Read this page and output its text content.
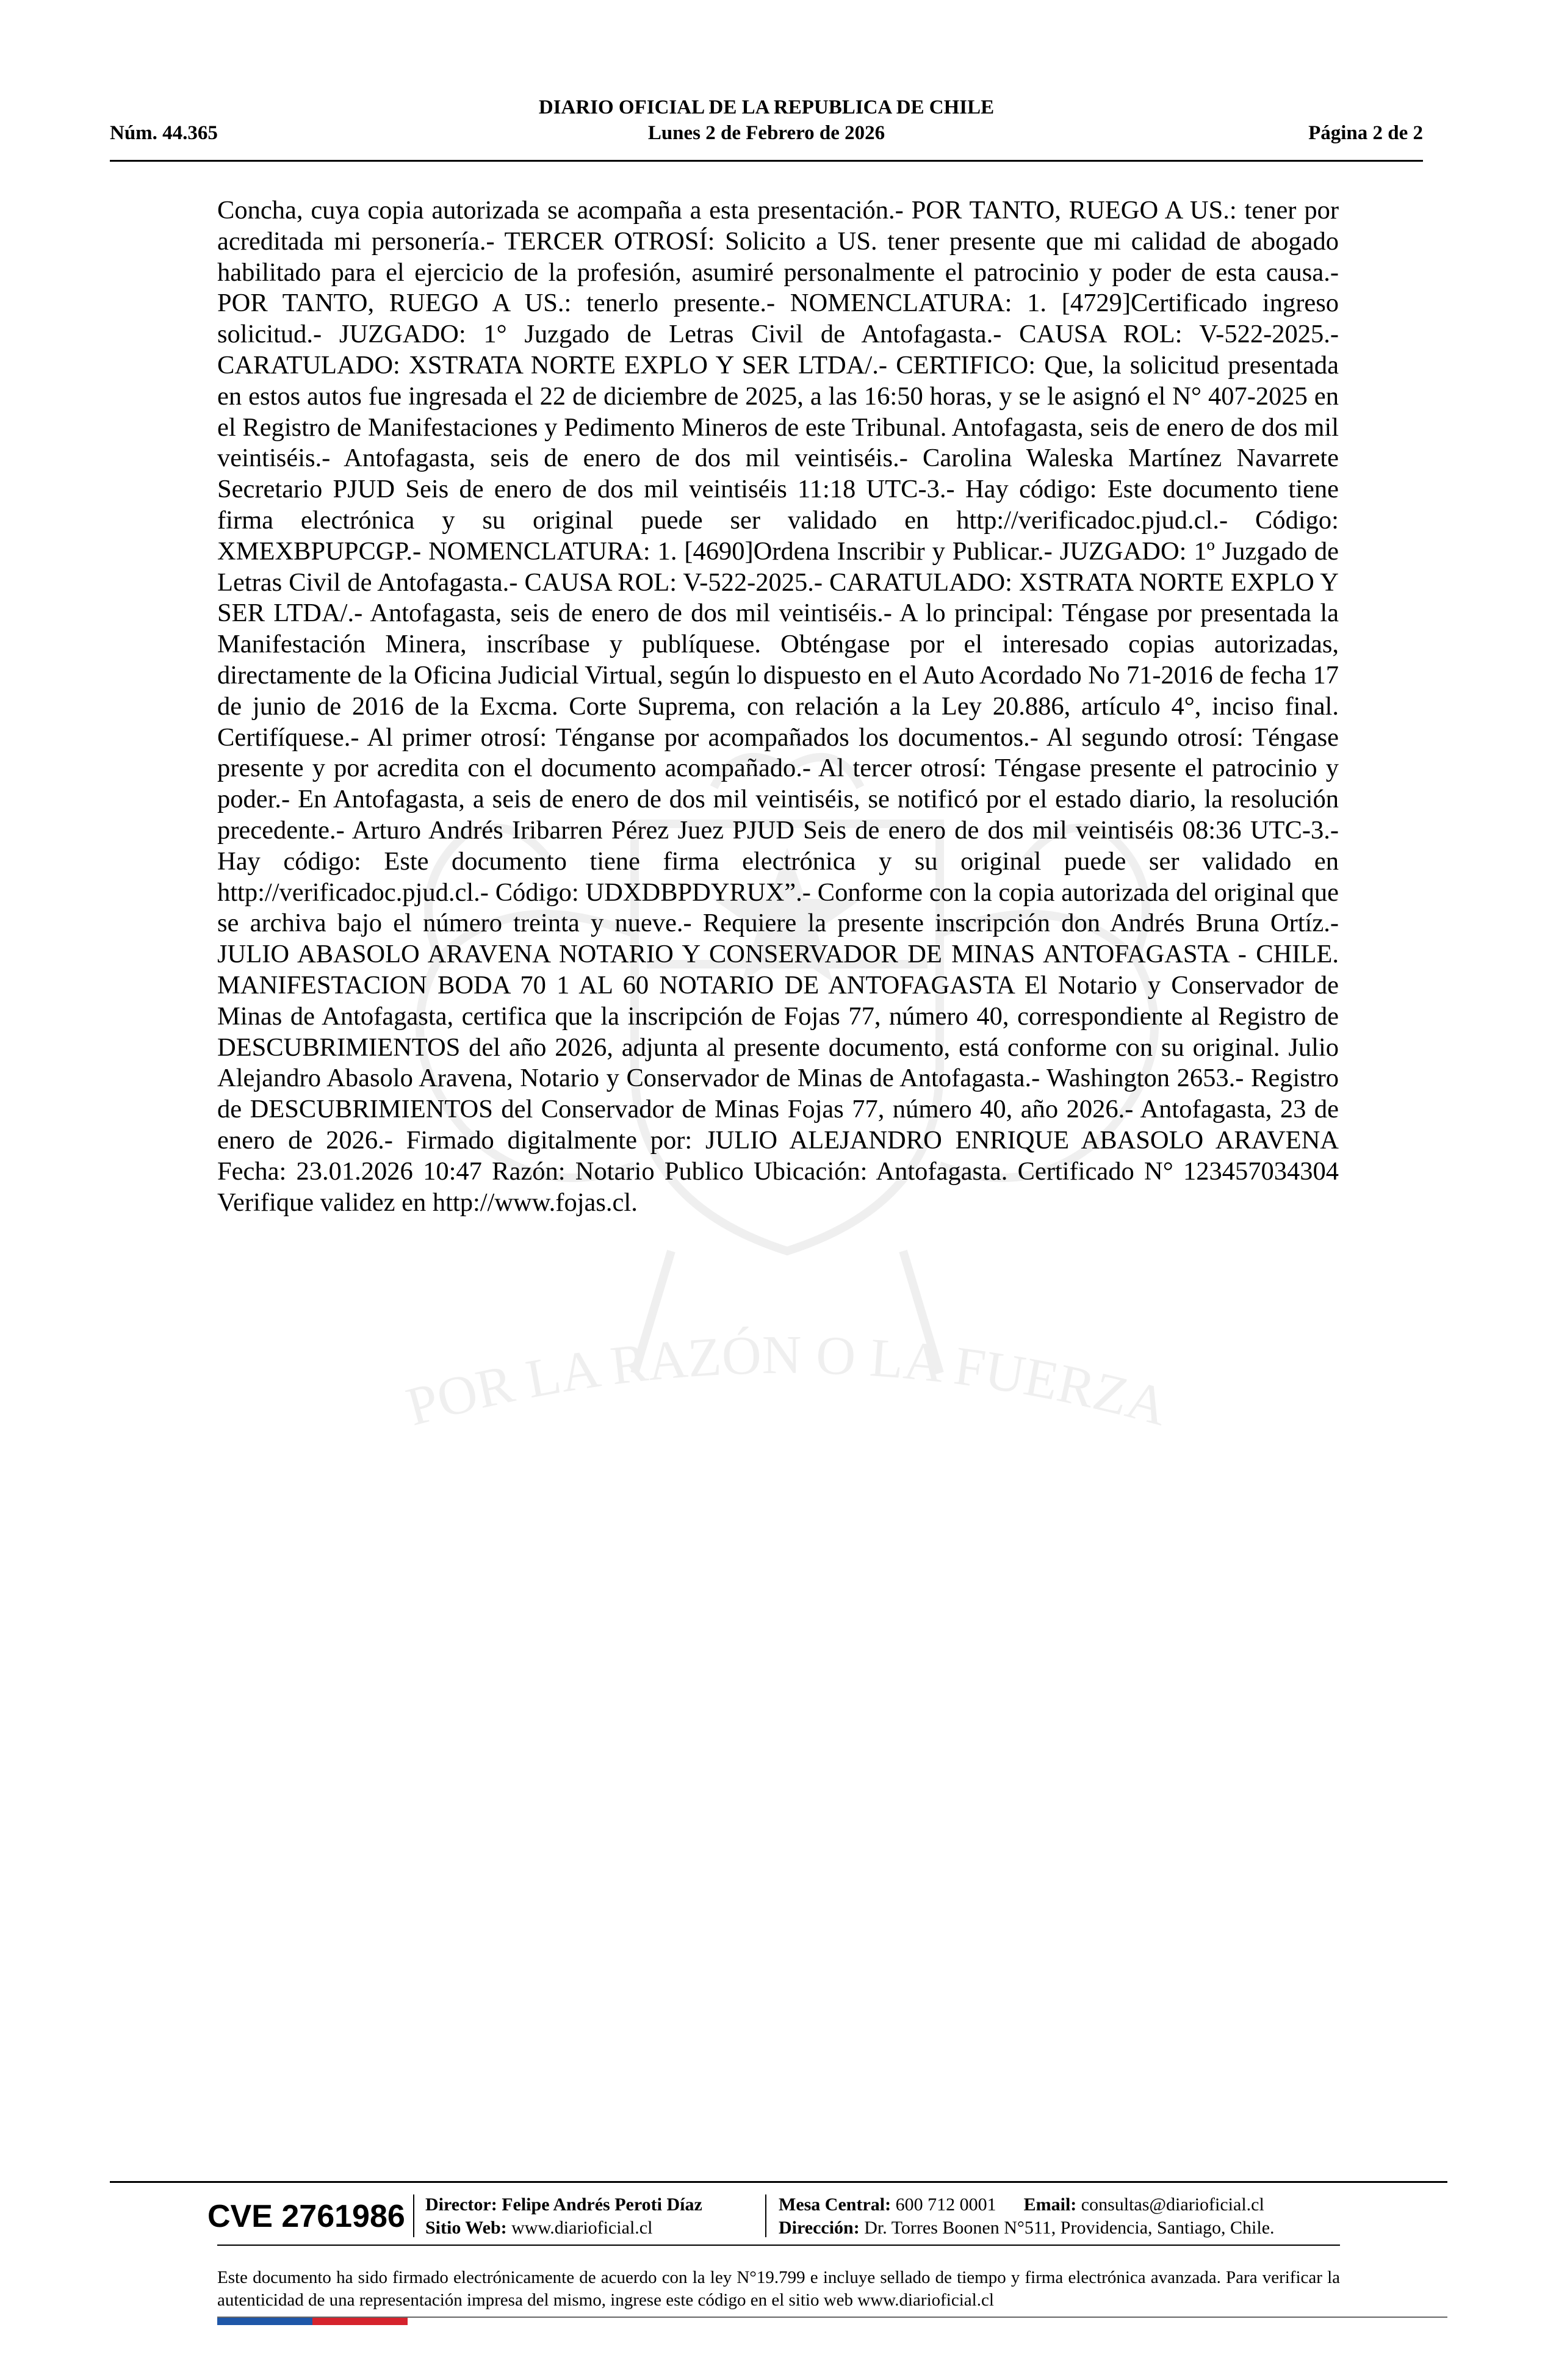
POR LA RAZÓN O LA FUERZA
DIARIO OFICIAL DE LA REPUBLICA DE CHILE
Núm. 44.365	Lunes 2 de Febrero de 2026	Página 2 de 2

Concha, cuya copia autorizada se acompaña a esta presentación.- POR TANTO, RUEGO A US.: tener por acreditada mi personería.- TERCER OTROSÍ: Solicito a US. tener presente que mi calidad de abogado habilitado para el ejercicio de la profesión, asumiré personalmente el patrocinio y poder de esta causa.- POR TANTO, RUEGO A US.: tenerlo presente.- NOMENCLATURA: 1. [4729]Certificado ingreso solicitud.- JUZGADO: 1° Juzgado de Letras Civil de Antofagasta.- CAUSA ROL: V-522-2025.- CARATULADO: XSTRATA NORTE EXPLO Y SER LTDA/.- CERTIFICO: Que, la solicitud presentada en estos autos fue ingresada el 22 de diciembre de 2025, a las 16:50 horas, y se le asignó el N° 407-2025 en el Registro de Manifestaciones y Pedimento Mineros de este Tribunal. Antofagasta, seis de enero de dos mil veintiséis.- Antofagasta, seis de enero de dos mil veintiséis.- Carolina Waleska Martínez Navarrete Secretario PJUD Seis de enero de dos mil veintiséis 11:18 UTC-3.- Hay código: Este documento tiene firma electrónica y su original puede ser validado en http://verificadoc.pjud.cl.- Código: XMEXBPUPCGP.- NOMENCLATURA: 1. [4690]Ordena Inscribir y Publicar.- JUZGADO: 1º Juzgado de Letras Civil de Antofagasta.- CAUSA ROL: V-522-2025.- CARATULADO: XSTRATA NORTE EXPLO Y SER LTDA/.- Antofagasta, seis de enero de dos mil veintiséis.- A lo principal: Téngase por presentada la Manifestación Minera, inscríbase y publíquese. Obténgase por el interesado copias autorizadas, directamente de la Oficina Judicial Virtual, según lo dispuesto en el Auto Acordado No 71-2016 de fecha 17 de junio de 2016 de la Excma. Corte Suprema, con relación a la Ley 20.886, artículo 4°, inciso final. Certifíquese.- Al primer otrosí: Ténganse por acompañados los documentos.- Al segundo otrosí: Téngase presente y por acredita con el documento acompañado.- Al tercer otrosí: Téngase presente el patrocinio y poder.- En Antofagasta, a seis de enero de dos mil veintiséis, se notificó por el estado diario, la resolución precedente.- Arturo Andrés Iribarren Pérez Juez PJUD Seis de enero de dos mil veintiséis 08:36 UTC-3.- Hay código: Este documento tiene firma electrónica y su original puede ser validado en http://verificadoc.pjud.cl.- Código: UDXDBPDYRUX”.- Conforme con la copia autorizada del original que se archiva bajo el número treinta y nueve.- Requiere la presente inscripción don Andrés Bruna Ortíz.- JULIO ABASOLO ARAVENA NOTARIO Y CONSERVADOR DE MINAS ANTOFAGASTA - CHILE. MANIFESTACION BODA 70 1 AL 60 NOTARIO DE ANTOFAGASTA El Notario y Conservador de Minas de Antofagasta, certifica que la inscripción de Fojas 77, número 40, correspondiente al Registro de DESCUBRIMIENTOS del año 2026, adjunta al presente documento, está conforme con su original. Julio Alejandro Abasolo Aravena, Notario y Conservador de Minas de Antofagasta.- Washington 2653.- Registro de DESCUBRIMIENTOS del Conservador de Minas Fojas 77, número 40, año 2026.- Antofagasta, 23 de enero de 2026.- Firmado digitalmente por: JULIO ALEJANDRO ENRIQUE ABASOLO ARAVENA Fecha: 23.01.2026 10:47 Razón: Notario Publico Ubicación: Antofagasta. Certificado N° 123457034304 Verifique validez en http://www.fojas.cl.

CVE 2761986 Director: Felipe Andrés Peroti Díaz
Sitio Web: www.diarioficial.cl
Mesa Central: 600 712 0001 Email: consultas@diarioficial.cl
Dirección: Dr. Torres Boonen N°511, Providencia, Santiago, Chile.

Este documento ha sido firmado electrónicamente de acuerdo con la ley N°19.799 e incluye sellado de tiempo y firma electrónica avanzada. Para verificar la autenticidad de una representación impresa del mismo, ingrese este código en el sitio web www.diarioficial.cl
